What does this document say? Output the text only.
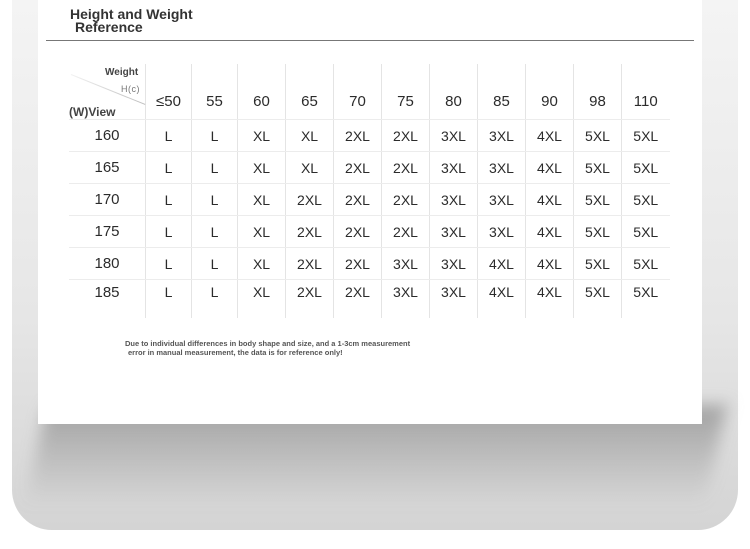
Height and Weight
Reference
Weight
H(c)
(W)View	≤50	55	60	65	70	75	80	85	90	98	110
160	L	L	XL	XL	2XL	2XL	3XL	3XL	4XL	5XL	5XL
165	L	L	XL	XL	2XL	2XL	3XL	3XL	4XL	5XL	5XL
170	L	L	XL	2XL	2XL	2XL	3XL	3XL	4XL	5XL	5XL
175	L	L	XL	2XL	2XL	2XL	3XL	3XL	4XL	5XL	5XL
180	L	L	XL	2XL	2XL	3XL	3XL	4XL	4XL	5XL	5XL
185	L	L	XL	2XL	2XL	3XL	3XL	4XL	4XL	5XL	5XL
Due to individual differences in body shape and size, and a 1-3cm measurement
error in manual measurement, the data is for reference only!
